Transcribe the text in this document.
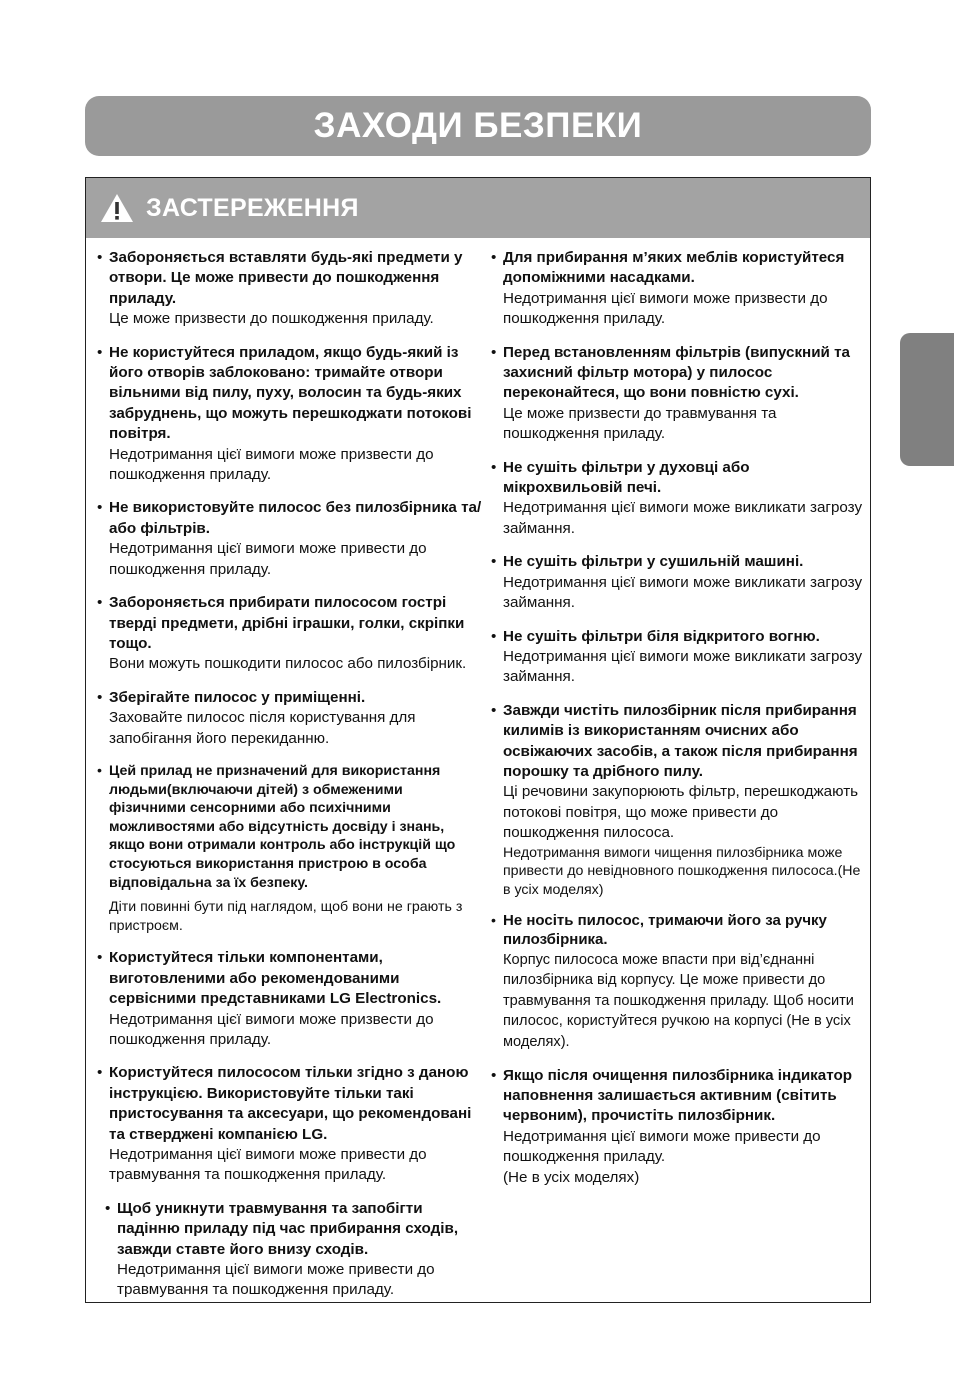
ЗАХОДИ БЕЗПЕКИ
ЗАСТЕРЕЖЕННЯ
• Забороняється вставляти будь-які предмети у отвори. Це може привести до пошкодження приладу.
Це може призвести до пошкодження приладу.
• Не користуйтеся приладом, якщо будь-який із його отворів заблоковано: тримайте отвори вільними від пилу, пуху, волосин та будь-яких забруднень, що можуть перешкоджати потокові повітря.
Недотримання цієї вимоги може призвести до пошкодження приладу.
• Не використовуйте пилосос без пилозбірника та/або фільтрів.
Недотримання цієї вимоги може привести до пошкодження приладу.
• Забороняється прибирати пилососом гострі тверді предмети, дрібні іграшки, голки, скріпки тощо.
Вони можуть пошкодити пилосос або пилозбірник.
• Зберігайте пилосос у приміщенні.
Заховайте пилосос після користування для запобігання його перекиданню.
• Цей прилад не призначений для використання людьми(включаючи дітей) з обмеженими фізичними сенсорними або психічними можливостями або відсутність досвіду і знань, якщо вони отримали контроль або інструкцій що стосуються використання пристрою в особа відповідальна за їх безпеку.
Діти повинні бути під наглядом, щоб вони не грають з пристроєм.
• Користуйтеся тільки компонентами, виготовленими або рекомендованими сервісними представниками LG Electronics.
Недотримання цієї вимоги може призвести до пошкодження приладу.
• Користуйтеся пилососом тільки згідно з даною інструкцією. Використовуйте тільки такі пристосування та аксесуари, що рекомендовані та стверджені компанією LG.
Недотримання цієї вимоги може привести до травмування та пошкодження приладу.
• Щоб уникнути травмування та запобігти падінню приладу під час прибирання сходів, завжди ставте його внизу сходів.
Недотримання цієї вимоги може привести до травмування та пошкодження приладу.
• Для прибирання м’яких меблів користуйтеся допоміжними насадками.
Недотримання цієї вимоги може призвести до пошкодження приладу.
• Перед встановленням фільтрів (випускний та захисний фільтр мотора) у пилосос переконайтеся, що вони повністю сухі.
Це може призвести до травмування та пошкодження приладу.
• Не сушіть фільтри у духовці або мікрохвильовій печі.
Недотримання цієї вимоги може викликати загрозу займання.
• Не сушіть фільтри у сушильній машині.
Недотримання цієї вимоги може викликати загрозу займання.
• Не сушіть фільтри біля відкритого вогню.
Недотримання цієї вимоги може викликати загрозу займання.
• Завжди чистіть пилозбірник після прибирання килимів із використанням очисних або освіжаючих засобів, а також після прибирання порошку та дрібного пилу.
Ці речовини закупорюють фільтр, перешкоджають потокові повітря, що може привести до пошкодження пилососа.
Недотримання вимоги чищення пилозбірника може привести до невідновного пошкодження пилососа.(Не в усіх моделях)
• Не носіть пилосос, тримаючи його за ручку пилозбірника.
Корпус пилососа може впасти при від’єднанні пилозбірника від корпусу. Це може привести до травмування та пошкодження приладу. Щоб носити пилосос, користуйтеся ручкою на корпусі (Не в усіх моделях).
• Якщо після очищення пилозбірника індикатор наповнення залишається активним (світить червоним), прочистіть пилозбірник.
Недотримання цієї вимоги може привести до пошкодження приладу.
(Не в усіх моделях)
